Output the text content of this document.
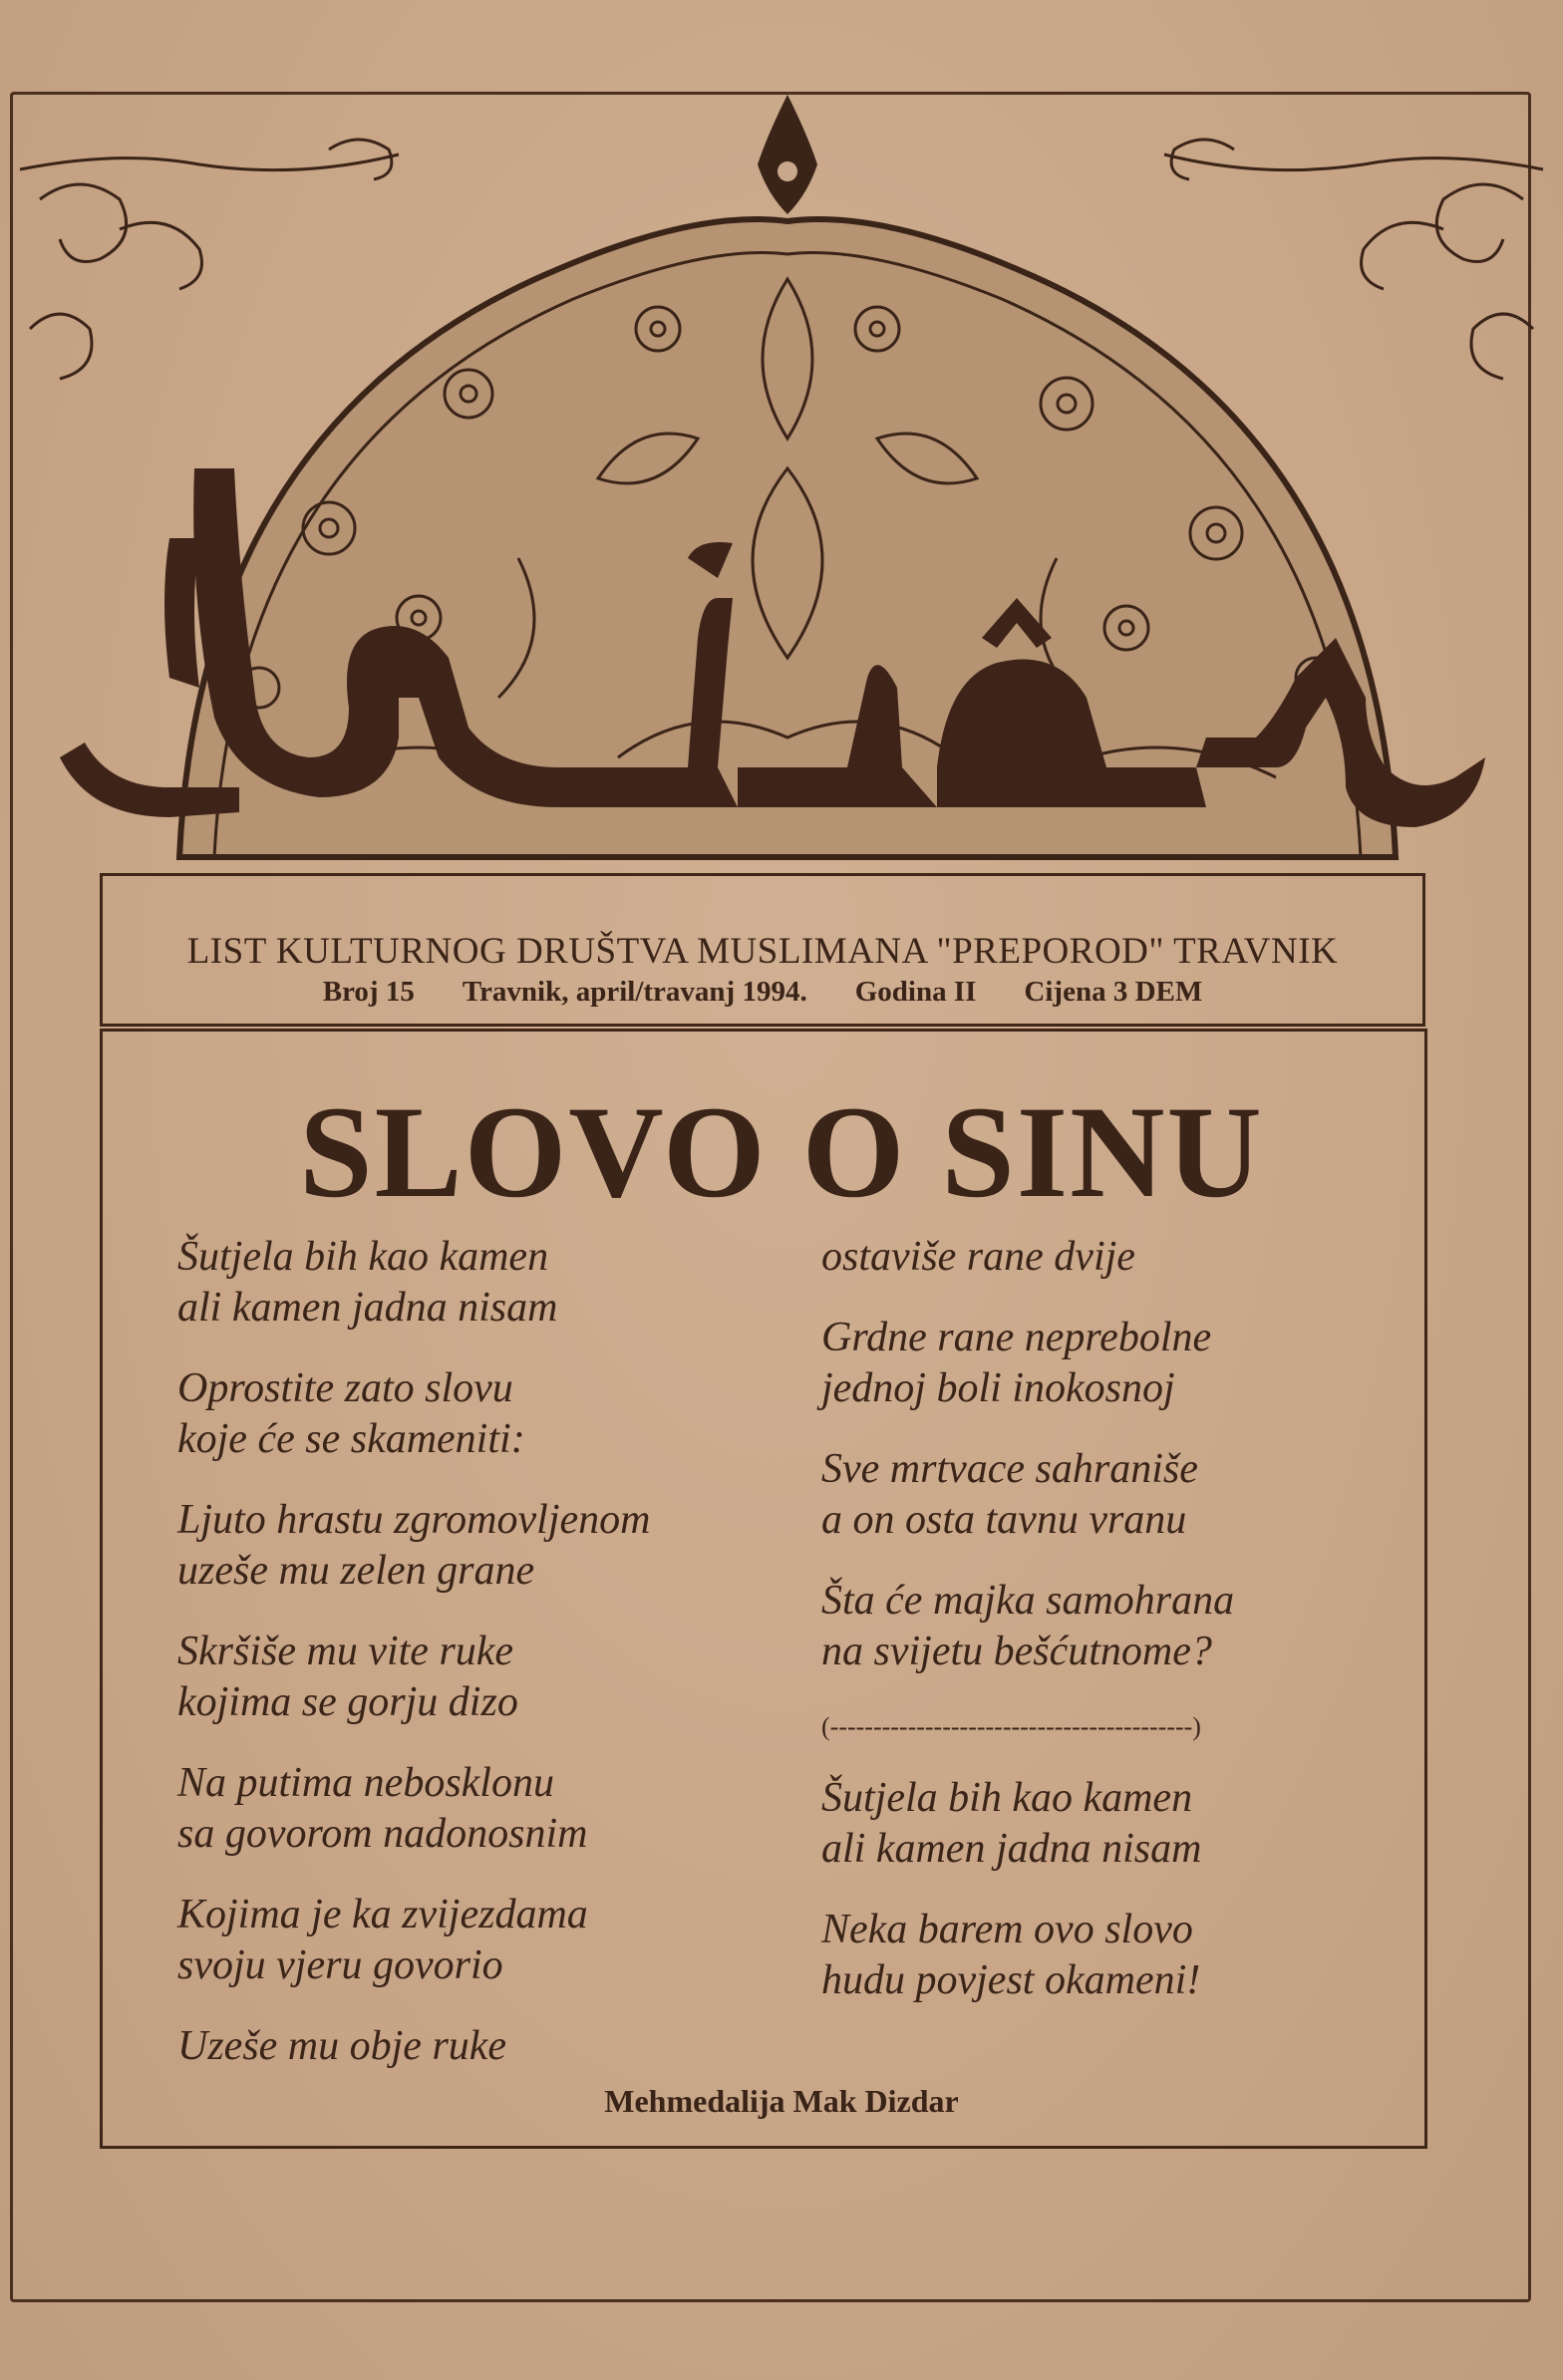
LIST KULTURNOG DRUŠTVA MUSLIMANA "PREPOROD" TRAVNIK
Broj 15 Travnik, april/travanj 1994. Godina II Cijena 3 DEM
SLOVO O SINU
Šutjela bih kao kamen
ali kamen jadna nisam
Oprostite zato slovu
koje će se skameniti:
Ljuto hrastu zgromovljenom
uzeše mu zelen grane
Skršiše mu vite ruke
kojima se gorju dizo
Na putima nebosklonu
sa govorom nadonosnim
Kojima je ka zvijezdama
svoju vjeru govorio
Uzeše mu obje ruke
ostaviše rane dvije
Grdne rane neprebolne
jednoj boli inokosnoj
Sve mrtvace sahraniše
a on osta tavnu vranu
Šta će majka samohrana
na svijetu bešćutnome?
(------------------------------------------)
Šutjela bih kao kamen
ali kamen jadna nisam
Neka barem ovo slovo
hudu povjest okameni!
Mehmedalija Mak Dizdar
